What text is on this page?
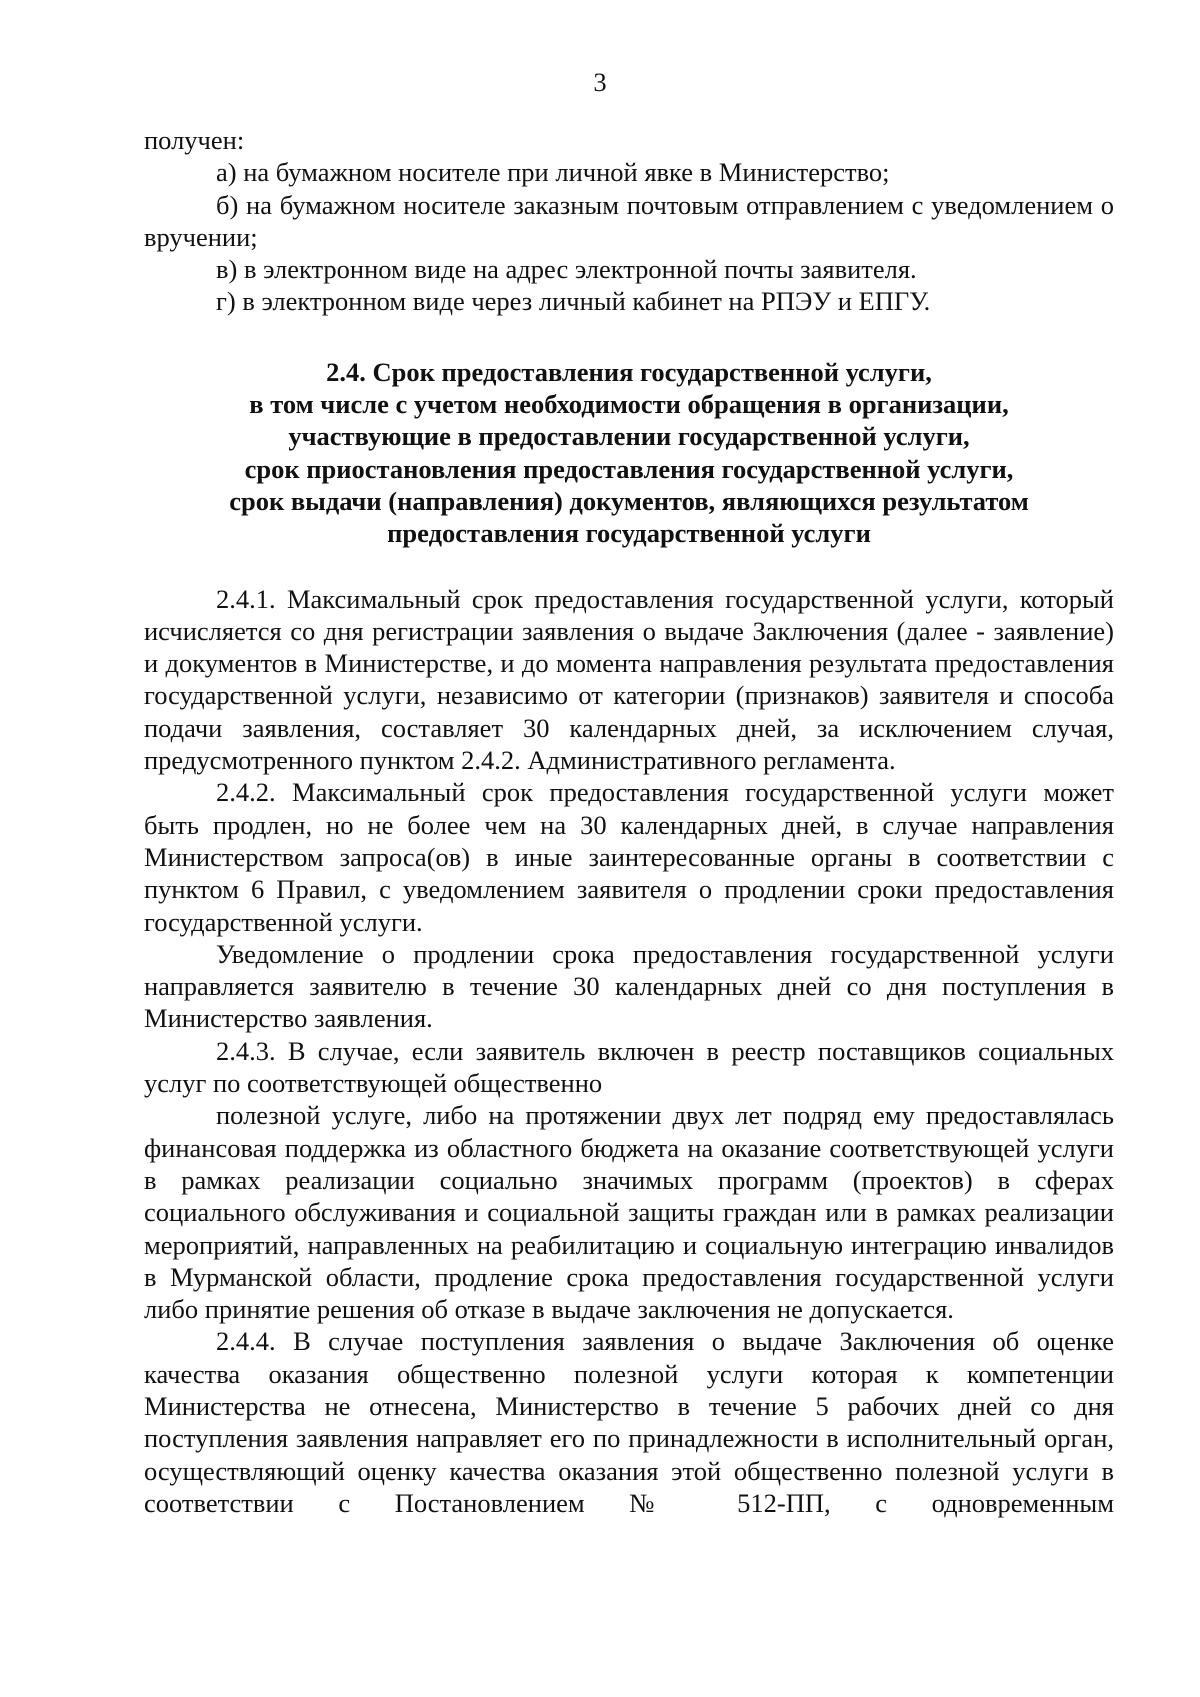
3

получен:

а) на бумажном носителе при личной явке в Министерство;

б) на бумажном носителе заказным почтовым отправлением с уведомлением о вручении;

в) в электронном виде на адрес электронной почты заявителя.

г) в электронном виде через личный кабинет на РПЭУ и ЕПГУ.

2.4. Срок предоставления государственной услуги,
в том числе с учетом необходимости обращения в организации,
участвующие в предоставлении государственной услуги,
срок приостановления предоставления государственной услуги,
срок выдачи (направления) документов, являющихся результатом
предоставления государственной услуги

2.4.1. Максимальный срок предоставления государственной услуги, который исчисляется со дня регистрации заявления о выдаче Заключения (далее - заявление) и документов в Министерстве, и до момента направления результата предоставления государственной услуги, независимо от категории (признаков) заявителя и способа подачи заявления, составляет 30 календарных дней, за исключением случая, предусмотренного пунктом 2.4.2. Административного регламента.

2.4.2. Максимальный срок предоставления государственной услуги может быть продлен, но не более чем на 30 календарных дней, в случае направления Министерством запроса(ов) в иные заинтересованные органы в соответствии с пунктом 6 Правил, с уведомлением заявителя о продлении сроки предоставления государственной услуги.

Уведомление о продлении срока предоставления государственной услуги направляется заявителю в течение 30 календарных дней со дня поступления в Министерство заявления.

2.4.3. В случае, если заявитель включен в реестр поставщиков социальных услуг по соответствующей общественно
полезной услуге, либо на протяжении двух лет подряд ему предоставлялась финансовая поддержка из областного бюджета на оказание соответствующей услуги в рамках реализации социально значимых программ (проектов) в сферах социального обслуживания и социальной защиты граждан или в рамках реализации мероприятий, направленных на реабилитацию и социальную интеграцию инвалидов в Мурманской области, продление срока предоставления государственной услуги либо принятие решения об отказе в выдаче заключения не допускается.

2.4.4. В случае поступления заявления о выдаче Заключения об оценке качества оказания общественно полезной услуги которая к компетенции Министерства не отнесена, Министерство в течение 5 рабочих дней со дня поступления заявления направляет его по принадлежности в исполнительный орган, осуществляющий оценку качества оказания этой общественно полезной услуги в соответствии с Постановлением № 512-ПП, с одновременным
